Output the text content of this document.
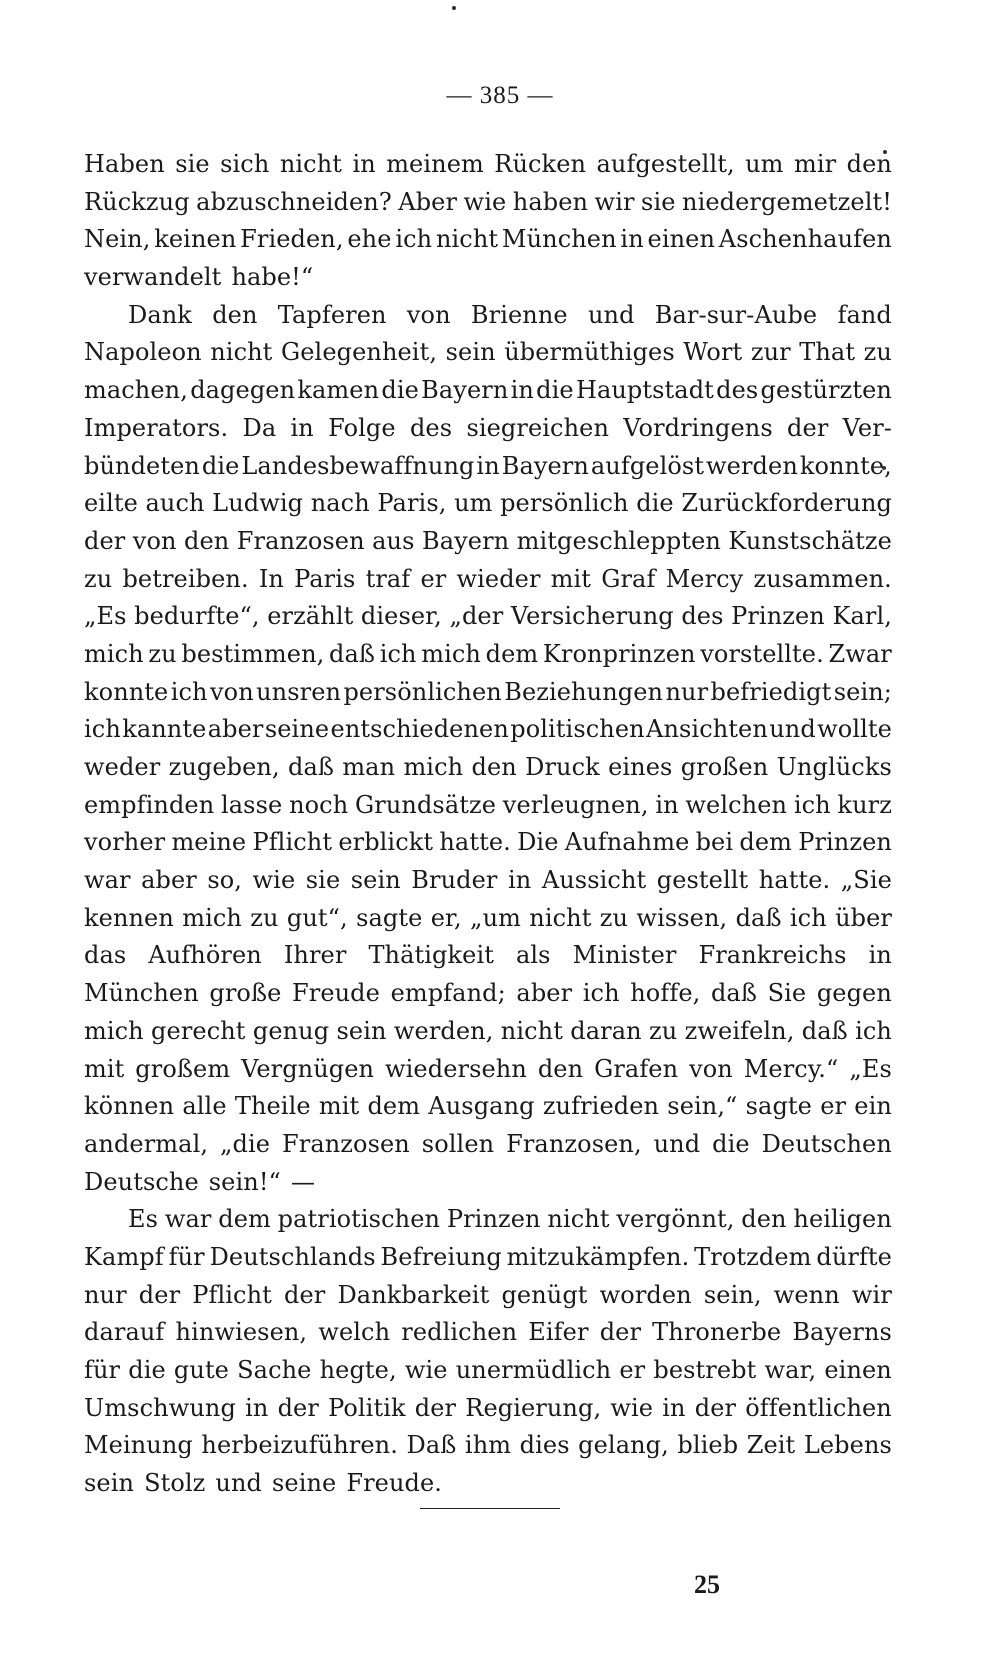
— 385 —
Haben sie sich nicht in meinem Rücken aufgestellt, um mir den
Rückzug abzuschneiden? Aber wie haben wir sie niedergemetzelt!
Nein, keinen Frieden, ehe ich nicht München in einen Aschenhaufen
verwandelt habe!“
Dank den Tapferen von Brienne und Bar-sur-Aube fand
Napoleon nicht Gelegenheit, sein übermüthiges Wort zur That zu
machen, dagegen kamen die Bayern in die Hauptstadt des gestürzten
Imperators. Da in Folge des siegreichen Vordringens der Ver-
bündeten die Landesbewaffnung in Bayern aufgelöst werden konnte,
eilte auch Ludwig nach Paris, um persönlich die Zurückforderung
der von den Franzosen aus Bayern mitgeschleppten Kunstschätze
zu betreiben. In Paris traf er wieder mit Graf Mercy zusammen.
„Es bedurfte“, erzählt dieser, „der Versicherung des Prinzen Karl,
mich zu bestimmen, daß ich mich dem Kronprinzen vorstellte. Zwar
konnte ich von unsren persönlichen Beziehungen nur befriedigt sein;
ich kannte aber seine entschiedenen politischen Ansichten und wollte
weder zugeben, daß man mich den Druck eines großen Unglücks
empfinden lasse noch Grundsätze verleugnen, in welchen ich kurz
vorher meine Pflicht erblickt hatte. Die Aufnahme bei dem Prinzen
war aber so, wie sie sein Bruder in Aussicht gestellt hatte. „Sie
kennen mich zu gut“, sagte er, „um nicht zu wissen, daß ich über
das Aufhören Ihrer Thätigkeit als Minister Frankreichs in
München große Freude empfand; aber ich hoffe, daß Sie gegen
mich gerecht genug sein werden, nicht daran zu zweifeln, daß ich
mit großem Vergnügen wiedersehn den Grafen von Mercy.“ „Es
können alle Theile mit dem Ausgang zufrieden sein,“ sagte er ein
andermal, „die Franzosen sollen Franzosen, und die Deutschen
Deutsche sein!“ —
Es war dem patriotischen Prinzen nicht vergönnt, den heiligen
Kampf für Deutschlands Befreiung mitzukämpfen. Trotzdem dürfte
nur der Pflicht der Dankbarkeit genügt worden sein, wenn wir
darauf hinwiesen, welch redlichen Eifer der Thronerbe Bayerns
für die gute Sache hegte, wie unermüdlich er bestrebt war, einen
Umschwung in der Politik der Regierung, wie in der öffentlichen
Meinung herbeizuführen. Daß ihm dies gelang, blieb Zeit Lebens
sein Stolz und seine Freude.
25
